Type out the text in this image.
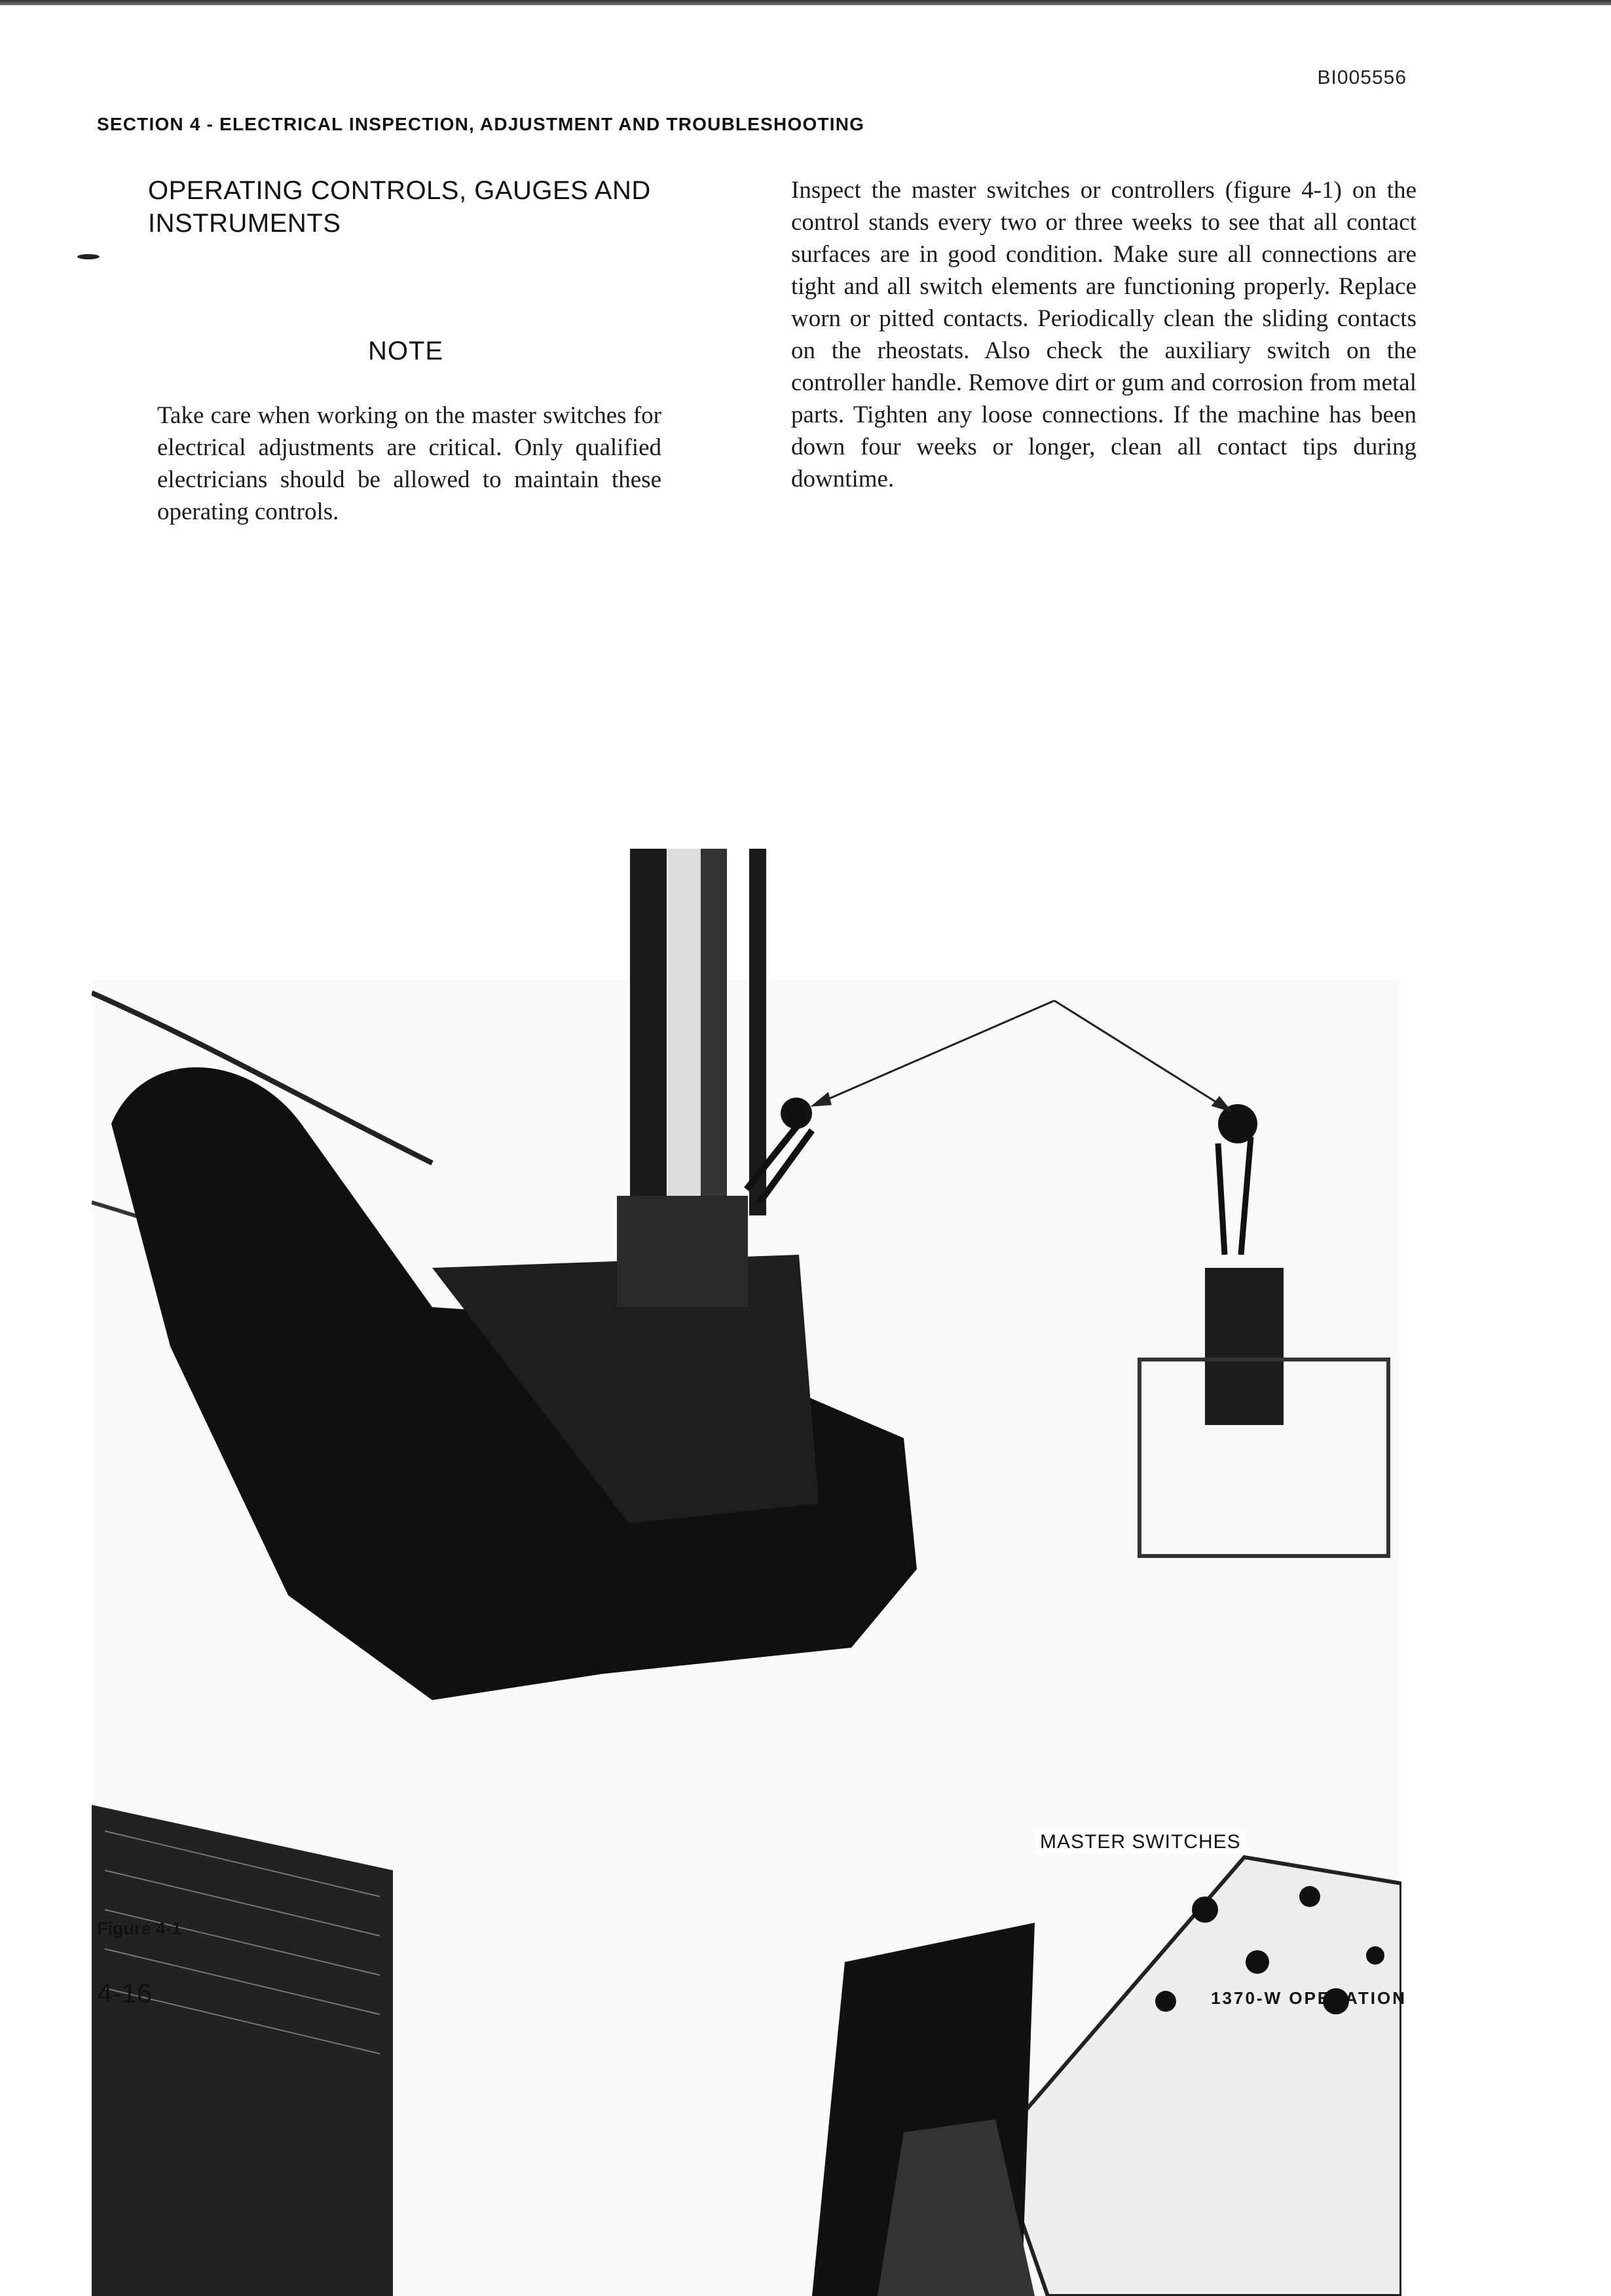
BI005556
SECTION 4 - ELECTRICAL INSPECTION, ADJUSTMENT AND TROUBLESHOOTING
OPERATING CONTROLS, GAUGES AND INSTRUMENTS
NOTE

Take care when working on the master switches for electrical adjustments are critical. Only qualified electricians should be allowed to maintain these operating controls.

Inspect the master switches or controllers (figure 4-1) on the control stands every two or three weeks to see that all contact surfaces are in good condition. Make sure all connections are tight and all switch elements are functioning properly. Replace worn or pitted contacts. Periodically clean the sliding contacts on the rheostats. Also check the auxiliary switch on the controller handle. Remove dirt or gum and corrosion from metal parts. Tighten any loose connections. If the machine has been down four weeks or longer, clean all contact tips during downtime.

MASTER SWITCHES
Figure 4-1
4-16	1370-W OPERATION
